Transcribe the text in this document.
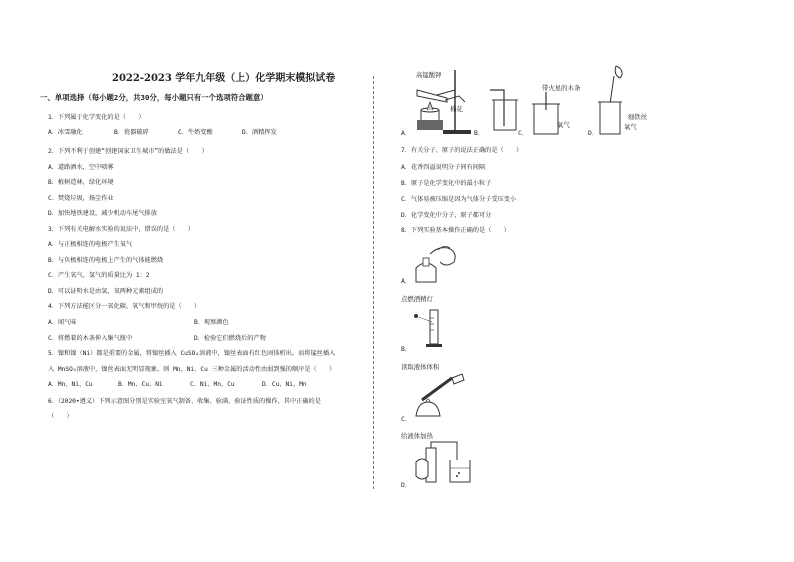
2022-2023 学年九年级（上）化学期末模拟试卷
一、单项选择（每小题2分，共30分，每小题只有一个选项符合题意）
1．下列属于化学变化的是（　　）
A．冰雪融化	B．瓷器破碎	C．牛奶变酸	D．酒精挥发
2．下列不利于创建“创建国家卫生城市”的做法是（　　）
A．道路洒水，空中喷雾
B．植树造林，绿化环境
C．焚烧垃圾，扬尘作业
D．加快地铁建设，减少机动车尾气排放
3．下列有关电解水实验的说法中，错误的是（　　）
A．与正极相连的电极产生氧气
B．与负极相连的电极上产生的气体能燃烧
C．产生氧气、氢气的质量比为 1：2
D．可以证明水是由氢、氧两种元素组成的
4．下列方法能区分一氧化碳、氧气和甲烷的是（　　）
A．闻气味	B．观察颜色
C．将燃着的木条伸入集气瓶中	D．检验它们燃烧后的产物
5．镍和镍（Ni）都是重要的金属，将镍丝插入 CuSO₄溶液中，镍丝表面有红色固体析出，而将锰丝插入
入 MnSO₄溶液中，镍丝表面无明显现象。则 Mn、Ni、Cu 三种金属的活动性由弱到强的顺序是（　　）
A．Mn、Ni、Cu	B．Mn、Cu、Ni	C．Ni、Mn、Cu	D．Cu、Ni、Mn
6．（2020•遵义）下列示意图分别是实验室氧气制备、收集、验满、验证性质的操作，其中正确的是
（　　）
高锰酸钾
棉花
A．	B．
带火星的木条
氧气
C．
细铁丝
氧气
D．
7．有关分子、原子的说法正确的是（　　）
A．花香四溢说明分子间有间隔
B．原子是化学变化中的最小粒子
C．气体易被压缩是因为气体分子受压变小
D．化学变化中分子、原子都可分
8．下列实验基本操作正确的是（　　）
A．
点燃酒精灯
B．
读取液体体积
C．
给液体加热
D．
